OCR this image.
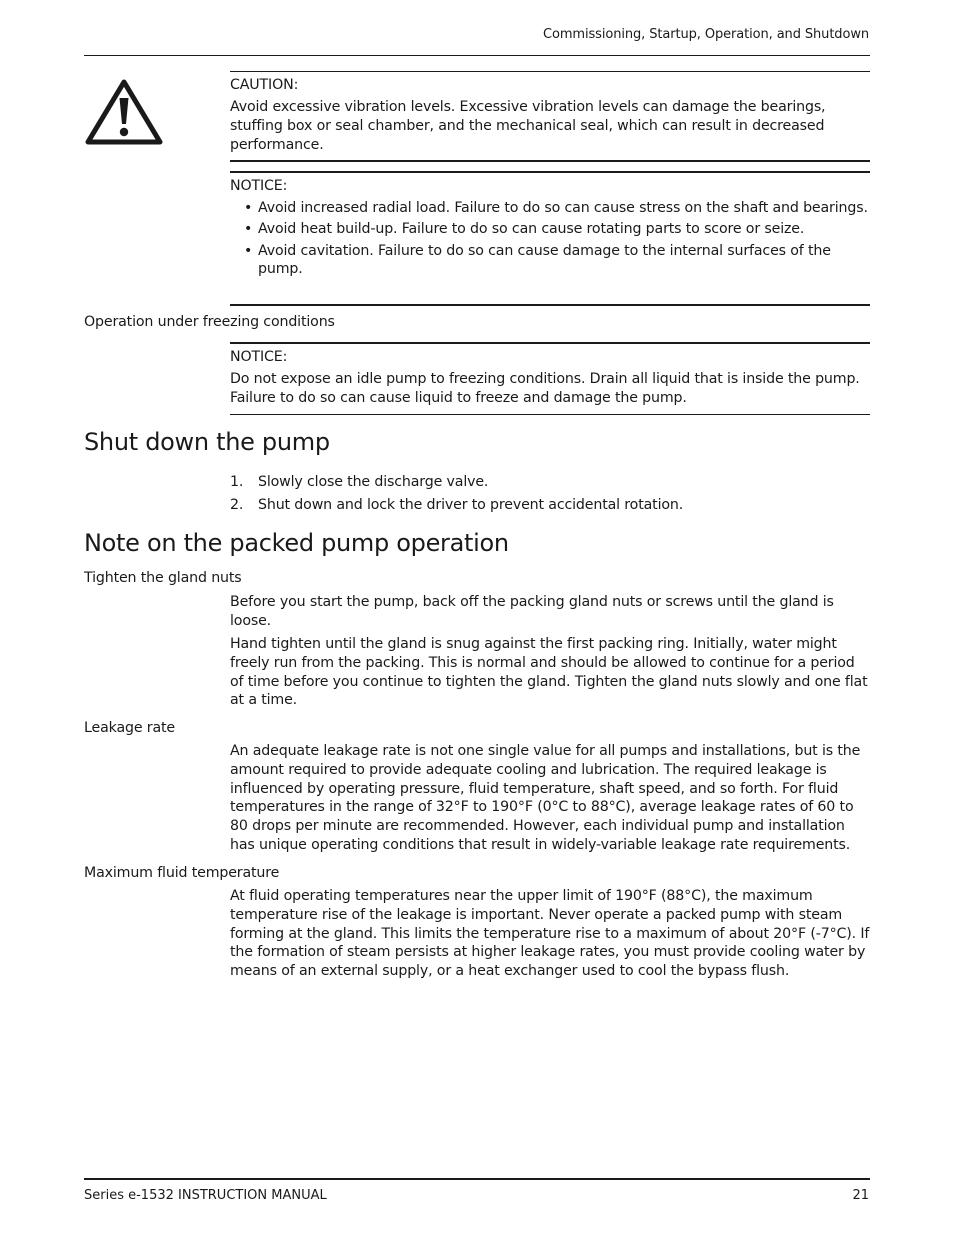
Commissioning, Startup, Operation, and Shutdown
CAUTION:
Avoid excessive vibration levels. Excessive vibration levels can damage the bearings, stuffing box or seal chamber, and the mechanical seal, which can result in decreased performance.
NOTICE:
• Avoid increased radial load. Failure to do so can cause stress on the shaft and bearings.
• Avoid heat build-up. Failure to do so can cause rotating parts to score or seize.
• Avoid cavitation. Failure to do so can cause damage to the internal surfaces of the pump.
Operation under freezing conditions
NOTICE:
Do not expose an idle pump to freezing conditions. Drain all liquid that is inside the pump. Failure to do so can cause liquid to freeze and damage the pump.
Shut down the pump
1. Slowly close the discharge valve.
2. Shut down and lock the driver to prevent accidental rotation.
Note on the packed pump operation
Tighten the gland nuts

Before you start the pump, back off the packing gland nuts or screws until the gland is loose.

Hand tighten until the gland is snug against the first packing ring. Initially, water might freely run from the packing. This is normal and should be allowed to continue for a period of time before you continue to tighten the gland. Tighten the gland nuts slowly and one flat at a time.

Leakage rate

An adequate leakage rate is not one single value for all pumps and installations, but is the amount required to provide adequate cooling and lubrication. The required leakage is influenced by operating pressure, fluid temperature, shaft speed, and so forth. For fluid temperatures in the range of 32°F to 190°F (0°C to 88°C), average leakage rates of 60 to 80 drops per minute are recommended. However, each individual pump and installation has unique operating conditions that result in widely-variable leakage rate requirements.

Maximum fluid temperature

At fluid operating temperatures near the upper limit of 190°F (88°C), the maximum temperature rise of the leakage is important. Never operate a packed pump with steam forming at the gland. This limits the temperature rise to a maximum of about 20°F (-7°C). If the formation of steam persists at higher leakage rates, you must provide cooling water by means of an external supply, or a heat exchanger used to cool the bypass flush.

Series e-1532 INSTRUCTION MANUAL	21
